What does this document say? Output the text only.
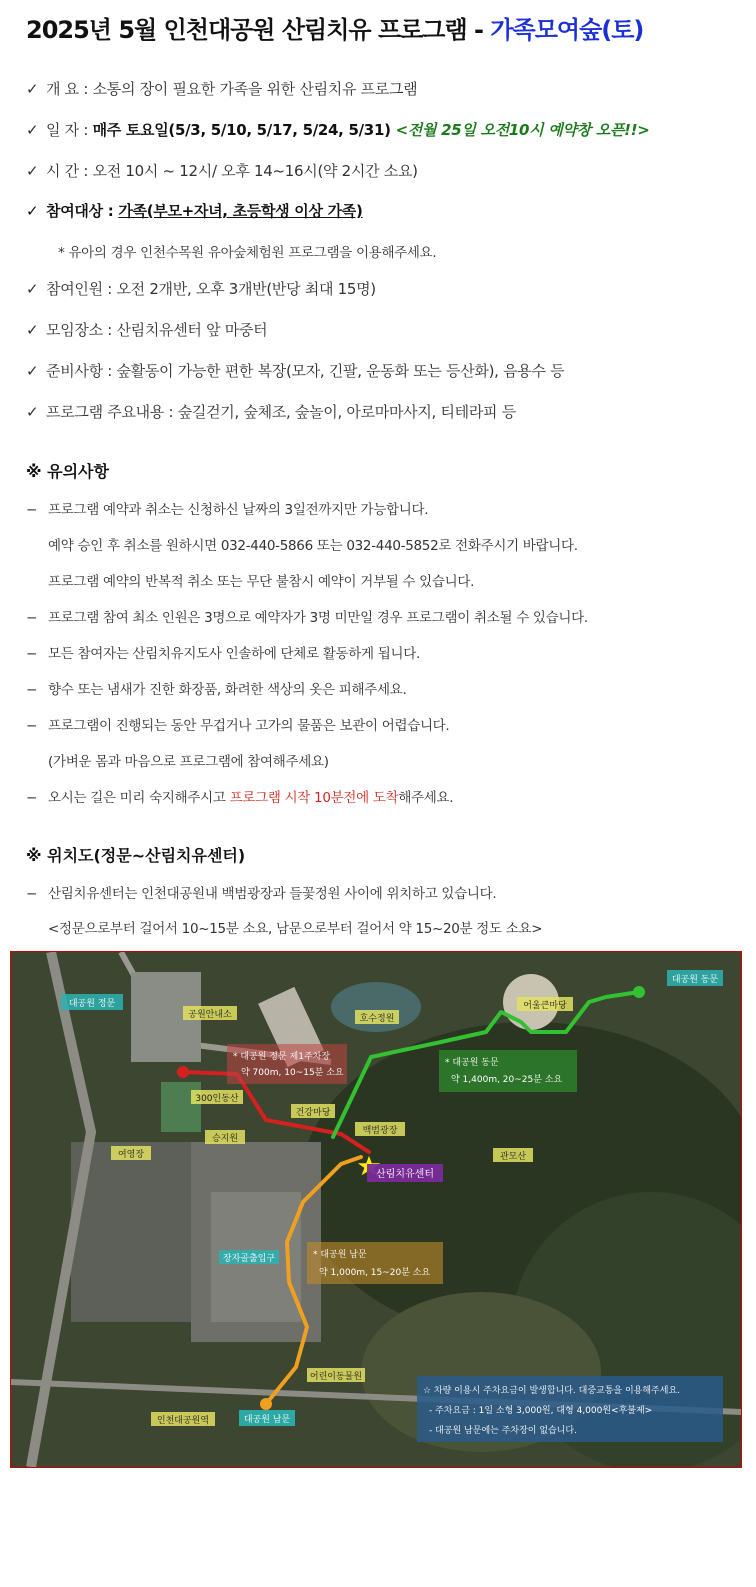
2025년 5월 인천대공원 산림치유 프로그램 - 가족모여숲(토)
✓ 개 요 : 소통의 장이 필요한 가족을 위한 산림치유 프로그램
✓ 일 자 : 매주 토요일(5/3, 5/10, 5/17, 5/24, 5/31) <전월 25일 오전10시 예약창 오픈!!>
✓ 시 간 : 오전 10시 ~ 12시/ 오후 14~16시(약 2시간 소요)
✓ 참여대상 : 가족(부모+자녀, 초등학생 이상 가족)
* 유아의 경우 인천수목원 유아숲체험원 프로그램을 이용해주세요.
✓ 참여인원 : 오전 2개반, 오후 3개반(반당 최대 15명)
✓ 모임장소 : 산림치유센터 앞 마중터
✓ 준비사항 : 숲활동이 가능한 편한 복장(모자, 긴팔, 운동화 또는 등산화), 음용수 등
✓ 프로그램 주요내용 : 숲길걷기, 숲체조, 숲놀이, 아로마마사지, 티테라피 등
※ 유의사항
− 프로그램 예약과 취소는 신청하신 날짜의 3일전까지만 가능합니다.
예약 승인 후 취소를 원하시면 032-440-5866 또는 032-440-5852로 전화주시기 바랍니다.
프로그램 예약의 반복적 취소 또는 무단 불참시 예약이 거부될 수 있습니다.
− 프로그램 참여 최소 인원은 3명으로 예약자가 3명 미만일 경우 프로그램이 취소될 수 있습니다.
− 모든 참여자는 산림치유지도사 인솔하에 단체로 활동하게 됩니다.
− 향수 또는 냄새가 진한 화장품, 화려한 색상의 옷은 피해주세요.
− 프로그램이 진행되는 동안 무겁거나 고가의 물품은 보관이 어렵습니다.
(가벼운 몸과 마음으로 프로그램에 참여해주세요)
− 오시는 길은 미리 숙지해주시고 프로그램 시작 10분전에 도착해주세요.
※ 위치도(정문~산림치유센터)
− 산림치유센터는 인천대공원내 백범광장과 들꽃정원 사이에 위치하고 있습니다.
<정문으로부터 걸어서 10~15분 소요, 남문으로부터 걸어서 약 15~20분 정도 소요>
대공원 정문
대공원 동문
공원안내소	호수정원
어울큰마당
300인동산
건강마당
백범광장
관모산
여영장
승지원
산림치유센터
장자골출입구
어린이동물원
인천대공원역	대공원 남문
* 대공원 정문 제1주차장
약 700m, 10~15분 소요
* 대공원 동문
약 1,400m, 20~25분 소요
* 대공원 남문
약 1,000m, 15~20분 소요
☆ 차량 이용시 주차요금이 발생합니다. 대중교통을 이용해주세요.
- 주차요금 : 1일 소형 3,000원, 대형 4,000원<후불제>
- 대공원 남문에는 주차장이 없습니다.
